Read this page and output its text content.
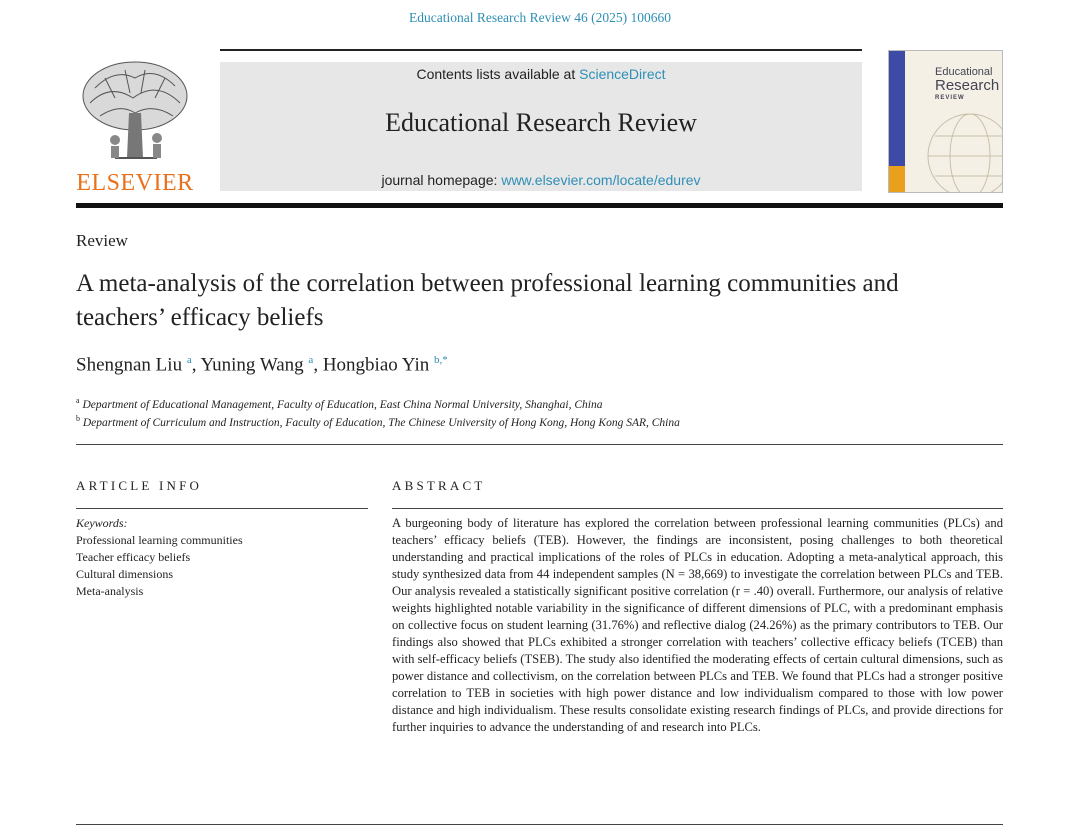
Educational Research Review 46 (2025) 100660
ELSEVIER
Contents lists available at ScienceDirect
Educational Research Review
journal homepage: www.elsevier.com/locate/edurev
Educational
Research
REVIEW
Review
A meta-analysis of the correlation between professional learning communities and teachers’ efficacy beliefs
Shengnan Liu $^a$, Yuning Wang $^a$, Hongbiao Yin $^{b,*}$
$^a$ Department of Educational Management, Faculty of Education, East China Normal University, Shanghai, China
$^b$ Department of Curriculum and Instruction, Faculty of Education, The Chinese University of Hong Kong, Hong Kong SAR, China
ARTICLE INFO	ABSTRACT
Keywords:
Professional learning communities
Teacher efficacy beliefs
Cultural dimensions
Meta-analysis

A burgeoning body of literature has explored the correlation between professional learning communities (PLCs) and teachers’ efficacy beliefs (TEB). However, the findings are inconsistent, posing challenges to both theoretical understanding and practical implications of the roles of PLCs in education. Adopting a meta-analytical approach, this study synthesized data from 44 independent samples (N = 38,669) to investigate the correlation between PLCs and TEB. Our analysis revealed a statistically significant positive correlation (r = .40) overall. Furthermore, our analysis of relative weights highlighted notable variability in the significance of different dimensions of PLC, with a predominant emphasis on collective focus on student learning (31.76%) and reflective dialog (24.26%) as the primary contributors to TEB. Our findings also showed that PLCs exhibited a stronger correlation with teachers’ collective efficacy beliefs (TCEB) than with self-efficacy beliefs (TSEB). The study also identified the moderating effects of certain cultural dimensions, such as power distance and collectivism, on the correlation between PLCs and TEB. We found that PLCs had a stronger positive correlation to TEB in societies with high power distance and low individualism compared to those with low power distance and high individualism. These results consolidate existing research findings of PLCs, and provide directions for further inquiries to advance the understanding of and research into PLCs.
